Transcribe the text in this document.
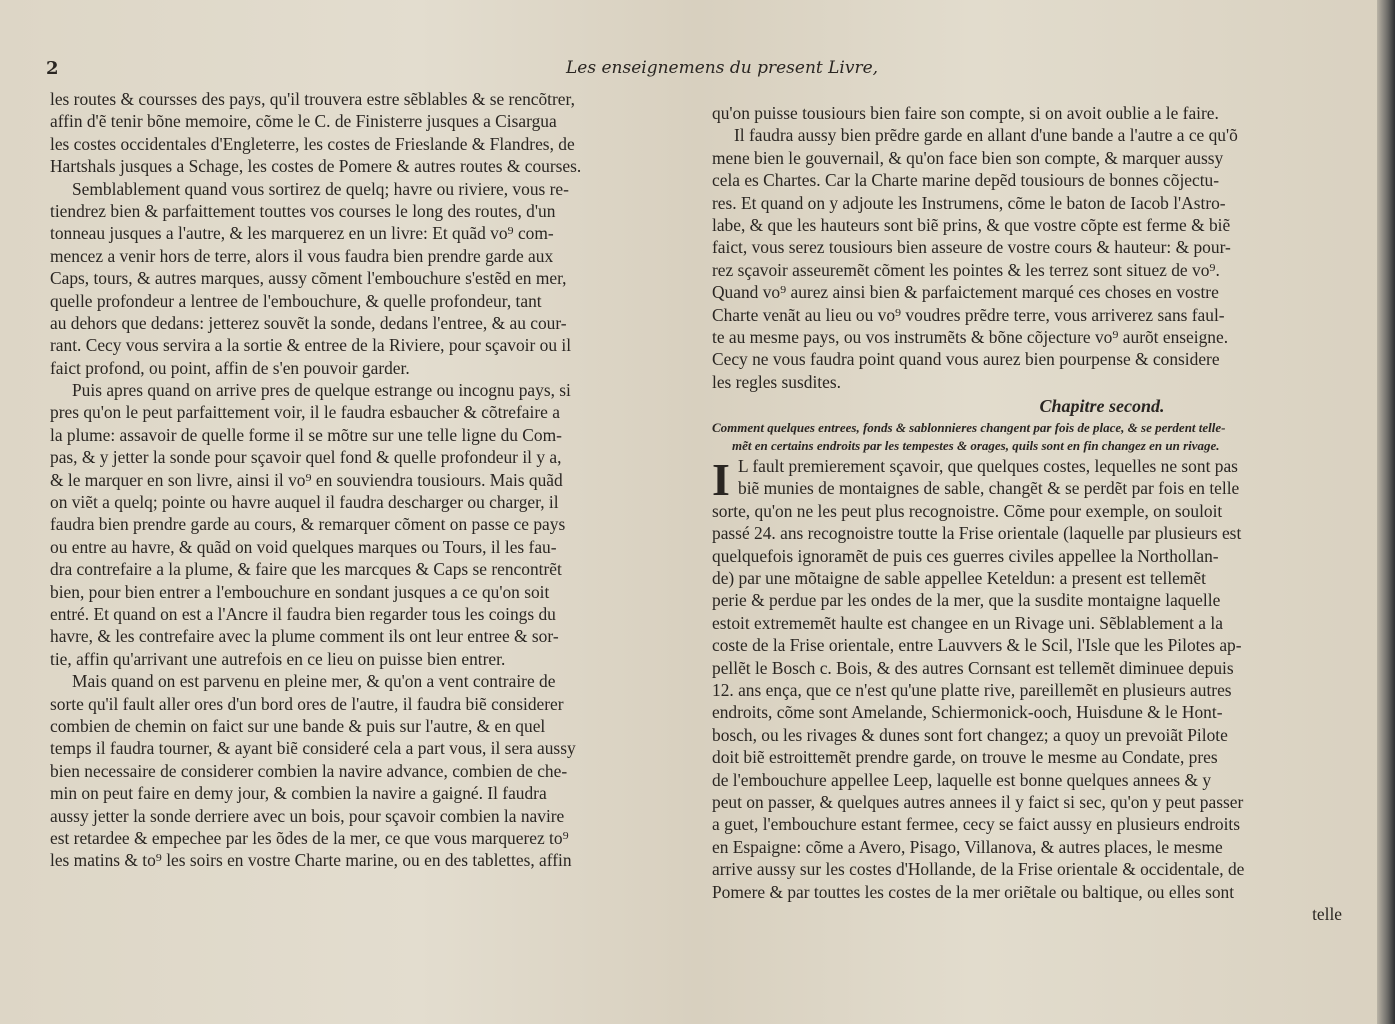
2	Les enseignemens du present Livre,
les routes & coursses des pays, qu'il trouvera estre sẽblables & se rencõtrer,
affin d'ẽ tenir bõne memoire, cõme le C. de Finisterre jusques a Cisargua
les costes occidentales d'Engleterre, les costes de Frieslande & Flandres, de
Hartshals jusques a Schage, les costes de Pomere & autres routes & courses.
Semblablement quand vous sortirez de quelq; havre ou riviere, vous re-
tiendrez bien & parfaittement touttes vos courses le long des routes, d'un
tonneau jusques a l'autre, & les marquerez en un livre: Et quãd vo⁹ com-
mencez a venir hors de terre, alors il vous faudra bien prendre garde aux
Caps, tours, & autres marques, aussy cõment l'embouchure s'estẽd en mer,
quelle profondeur a lentree de l'embouchure, & quelle profondeur, tant
au dehors que dedans: jetterez souvẽt la sonde, dedans l'entree, & au cour-
rant. Cecy vous servira a la sortie & entree de la Riviere, pour sçavoir ou il
faict profond, ou point, affin de s'en pouvoir garder.
Puis apres quand on arrive pres de quelque estrange ou incognu pays, si
pres qu'on le peut parfaittement voir, il le faudra esbaucher & cõtrefaire a
la plume: assavoir de quelle forme il se mõtre sur une telle ligne du Com-
pas, & y jetter la sonde pour sçavoir quel fond & quelle profondeur il y a,
& le marquer en son livre, ainsi il vo⁹ en souviendra tousiours. Mais quãd
on viẽt a quelq; pointe ou havre auquel il faudra descharger ou charger, il
faudra bien prendre garde au cours, & remarquer cõment on passe ce pays
ou entre au havre, & quãd on void quelques marques ou Tours, il les fau-
dra contrefaire a la plume, & faire que les marcques & Caps se rencontrẽt
bien, pour bien entrer a l'embouchure en sondant jusques a ce qu'on soit
entré. Et quand on est a l'Ancre il faudra bien regarder tous les coings du
havre, & les contrefaire avec la plume comment ils ont leur entree & sor-
tie, affin qu'arrivant une autrefois en ce lieu on puisse bien entrer.
Mais quand on est parvenu en pleine mer, & qu'on a vent contraire de
sorte qu'il fault aller ores d'un bord ores de l'autre, il faudra biẽ considerer
combien de chemin on faict sur une bande & puis sur l'autre, & en quel
temps il faudra tourner, & ayant biẽ consideré cela a part vous, il sera aussy
bien necessaire de considerer combien la navire advance, combien de che-
min on peut faire en demy jour, & combien la navire a gaigné. Il faudra
aussy jetter la sonde derriere avec un bois, pour sçavoir combien la navire
est retardee & empechee par les õdes de la mer, ce que vous marquerez to⁹
les matins & to⁹ les soirs en vostre Charte marine, ou en des tablettes, affin
qu'on puisse tousiours bien faire son compte, si on avoit oublie a le faire.
Il faudra aussy bien prẽdre garde en allant d'une bande a l'autre a ce qu'õ
mene bien le gouvernail, & qu'on face bien son compte, & marquer aussy
cela es Chartes. Car la Charte marine depẽd tousiours de bonnes cõjectu-
res. Et quand on y adjoute les Instrumens, cõme le baton de Iacob l'Astro-
labe, & que les hauteurs sont biẽ prins, & que vostre cõpte est ferme & biẽ
faict, vous serez tousiours bien asseure de vostre cours & hauteur: & pour-
rez sçavoir asseuremẽt cõment les pointes & les terrez sont situez de vo⁹.
Quand vo⁹ aurez ainsi bien & parfaictement marqué ces choses en vostre
Charte venãt au lieu ou vo⁹ voudres prẽdre terre, vous arriverez sans faul-
te au mesme pays, ou vos instrumẽts & bõne cõjecture vo⁹ aurõt enseigne.
Cecy ne vous faudra point quand vous aurez bien pourpense & considere
les regles susdites.
Chapitre second.
Comment quelques entrees, fonds & sablonnieres changent par fois de place, & se perdent telle-
mẽt en certains endroits par les tempestes & orages, quils sont en fin changez en un rivage.
I L fault premierement sçavoir, que quelques costes, lequelles ne sont pas
biẽ munies de montaignes de sable, changẽt & se perdẽt par fois en telle
sorte, qu'on ne les peut plus recognoistre. Cõme pour exemple, on souloit
passé 24. ans recognoistre toutte la Frise orientale (laquelle par plusieurs est
quelquefois ignoramẽt de puis ces guerres civiles appellee la Northollan-
de) par une mõtaigne de sable appellee Keteldun: a present est tellemẽt
perie & perdue par les ondes de la mer, que la susdite montaigne laquelle
estoit extrememẽt haulte est changee en un Rivage uni. Sẽblablement a la
coste de la Frise orientale, entre Lauvvers & le Scil, l'Isle que les Pilotes ap-
pellẽt le Bosch c. Bois, & des autres Cornsant est tellemẽt diminuee depuis
12. ans ença, que ce n'est qu'une platte rive, pareillemẽt en plusieurs autres
endroits, cõme sont Amelande, Schiermonick-ooch, Huisdune & le Hont-
bosch, ou les rivages & dunes sont fort changez; a quoy un prevoiãt Pilote
doit biẽ estroittemẽt prendre garde, on trouve le mesme au Condate, pres
de l'embouchure appellee Leep, laquelle est bonne quelques annees & y
peut on passer, & quelques autres annees il y faict si sec, qu'on y peut passer
a guet, l'embouchure estant fermee, cecy se faict aussy en plusieurs endroits
en Espaigne: cõme a Avero, Pisago, Villanova, & autres places, le mesme
arrive aussy sur les costes d'Hollande, de la Frise orientale & occidentale, de
Pomere & par touttes les costes de la mer oriẽtale ou baltique, ou elles sont
telle
